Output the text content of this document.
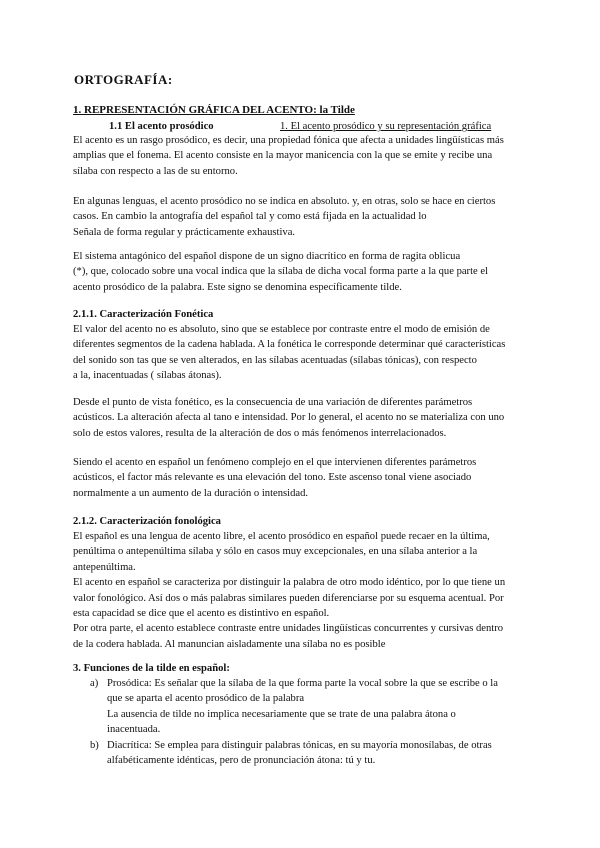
ORTOGRAFÍA:
1. REPRESENTACIÓN GRÁFICA DEL ACENTO: la Tilde
1.1 El acento prosódico	1. El acento prosódico y su representación gráfica

El acento es un rasgo prosódico, es decir, una propiedad fónica que afecta a unidades lingüísticas más

amplias que el fonema. El acento consiste en la mayor manicencia con la que se emite y recibe una

sílaba con respecto a las de su entorno.

En algunas lenguas, el acento prosódico no se indica en absoluto. y, en otras, solo se hace en ciertos

casos. En cambio la antografía del español tal y como está fijada en la actualidad lo

Señala de forma regular y prácticamente exhaustiva.

El sistema antagónico del español dispone de un signo diacrítico en forma de ragita oblicua

(*), que, colocado sobre una vocal indica que la sílaba de dicha vocal forma parte a la que parte el

acento prosódico de la palabra. Este signo se denomina específicamente tilde.

2.1.1. Caracterización Fonética

El valor del acento no es absoluto, sino que se establece por contraste entre el modo de emisión de

diferentes segmentos de la cadena hablada. A la fonética le corresponde determinar qué características

del sonido son tas que se ven alterados, en las sílabas acentuadas (sílabas tónicas), con respecto

a la, inacentuadas ( sílabas átonas).

Desde el punto de vista fonético, es la consecuencia de una variación de diferentes parámetros

acústicos. La alteración afecta al tano e intensidad. Por lo general, el acento no se materializa con uno

solo de estos valores, resulta de la alteración de dos o más fenómenos interrelacionados.

Siendo el acento en español un fenómeno complejo en el que intervienen diferentes parámetros

acústicos, el factor más relevante es una elevación del tono. Este ascenso tonal viene asociado

normalmente a un aumento de la duración o intensidad.

2.1.2. Caracterización fonológica

El español es una lengua de acento libre, el acento prosódico en español puede recaer en la última,

penúltima o antepenúltima sílaba y sólo en casos muy excepcionales, en una sílaba anterior a la

antepenúltima.

El acento en español se caracteriza por distinguir la palabra de otro modo idéntico, por lo que tiene un

valor fonológico. Así dos o más palabras similares pueden diferenciarse por su esquema acentual. Por

esta capacidad se dice que el acento es distintivo en español.

Por otra parte, el acento establece contraste entre unidades lingüísticas concurrentes y cursivas dentro

de la codera hablada. Al manuncian aisladamente una sílaba no es posible

3. Funciones de la tilde en español:
a) Prosódica: Es señalar que la sílaba de la que forma parte la vocal sobre la que se escribe o la

que se aparta el acento prosódico de la palabra

La ausencia de tilde no implica necesariamente que se trate de una palabra átona o

inacentuada.

b) Diacrítica: Se emplea para distinguir palabras tónicas, en su mayoría monosílabas, de otras

alfabéticamente idénticas, pero de pronunciación átona: tú y tu.
